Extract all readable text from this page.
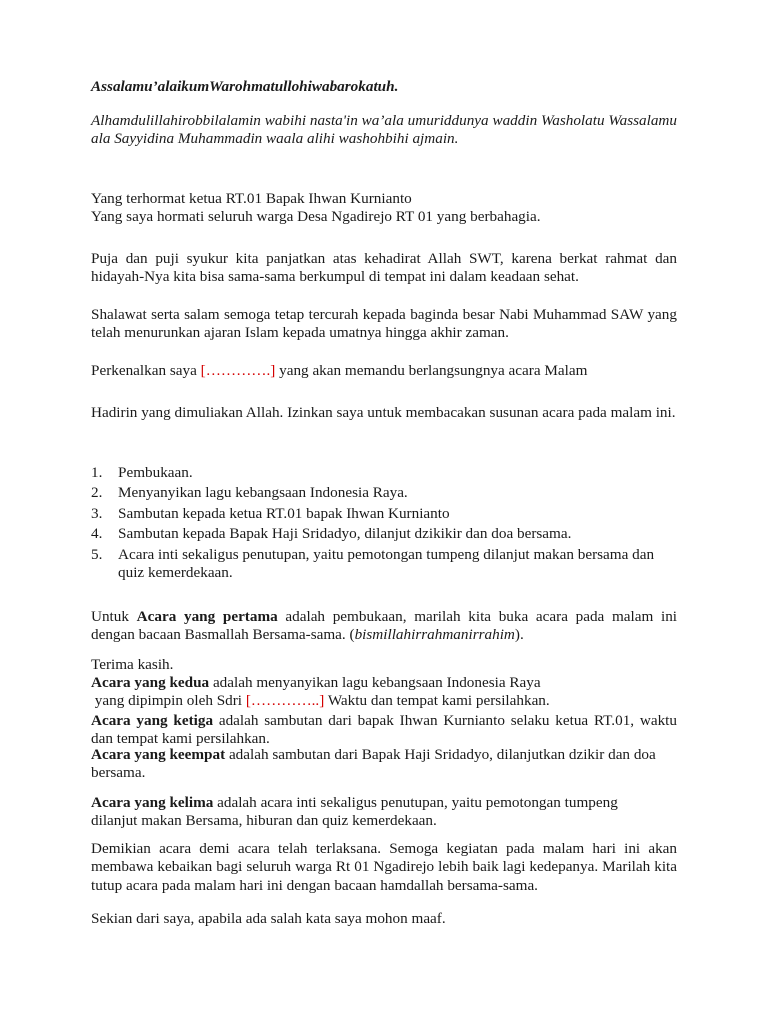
Assalamu’alaikumWarohmatullohiwabarokatuh.

Alhamdulillahirobbilalamin wabihi nasta'in wa’ala umuriddunya waddin Washolatu Wassalamu ala Sayyidina Muhammadin waala alihi washohbihi ajmain.

Yang terhormat ketua RT.01 Bapak Ihwan Kurnianto

Yang saya hormati seluruh warga Desa Ngadirejo RT 01 yang berbahagia.

Puja dan puji syukur kita panjatkan atas kehadirat Allah SWT, karena berkat rahmat dan hidayah-Nya kita bisa sama-sama berkumpul di tempat ini dalam keadaan sehat.

Shalawat serta salam semoga tetap tercurah kepada baginda besar Nabi Muhammad SAW yang telah menurunkan ajaran Islam kepada umatnya hingga akhir zaman.

Perkenalkan saya [………….] yang akan memandu berlangsungnya acara Malam

Hadirin yang dimuliakan Allah. Izinkan saya untuk membacakan susunan acara pada malam ini.

1. Pembukaan.

2. Menyanyikan lagu kebangsaan Indonesia Raya.

3. Sambutan kepada ketua RT.01 bapak Ihwan Kurnianto

4. Sambutan kepada Bapak Haji Sridadyo, dilanjut dzikikir dan doa bersama.

5. Acara inti sekaligus penutupan, yaitu pemotongan tumpeng dilanjut makan bersama dan quiz kemerdekaan.

Untuk Acara yang pertama adalah pembukaan, marilah kita buka acara pada malam ini dengan bacaan Basmallah Bersama-sama. (bismillahirrahmanirrahim).

Terima kasih.

Acara yang kedua adalah menyanyikan lagu kebangsaan Indonesia Raya

yang dipimpin oleh Sdri […………..] Waktu dan tempat kami persilahkan.

Acara yang ketiga adalah sambutan dari bapak Ihwan Kurnianto selaku ketua RT.01, waktu dan tempat kami persilahkan.

Acara yang keempat adalah sambutan dari Bapak Haji Sridadyo, dilanjutkan dzikir dan doa bersama.

Acara yang kelima adalah acara inti sekaligus penutupan, yaitu pemotongan tumpeng dilanjut makan Bersama, hiburan dan quiz kemerdekaan.

Demikian acara demi acara telah terlaksana. Semoga kegiatan pada malam hari ini akan membawa kebaikan bagi seluruh warga Rt 01 Ngadirejo lebih baik lagi kedepanya. Marilah kita tutup acara pada malam hari ini dengan bacaan hamdallah bersama-sama.

Sekian dari saya, apabila ada salah kata saya mohon maaf.
